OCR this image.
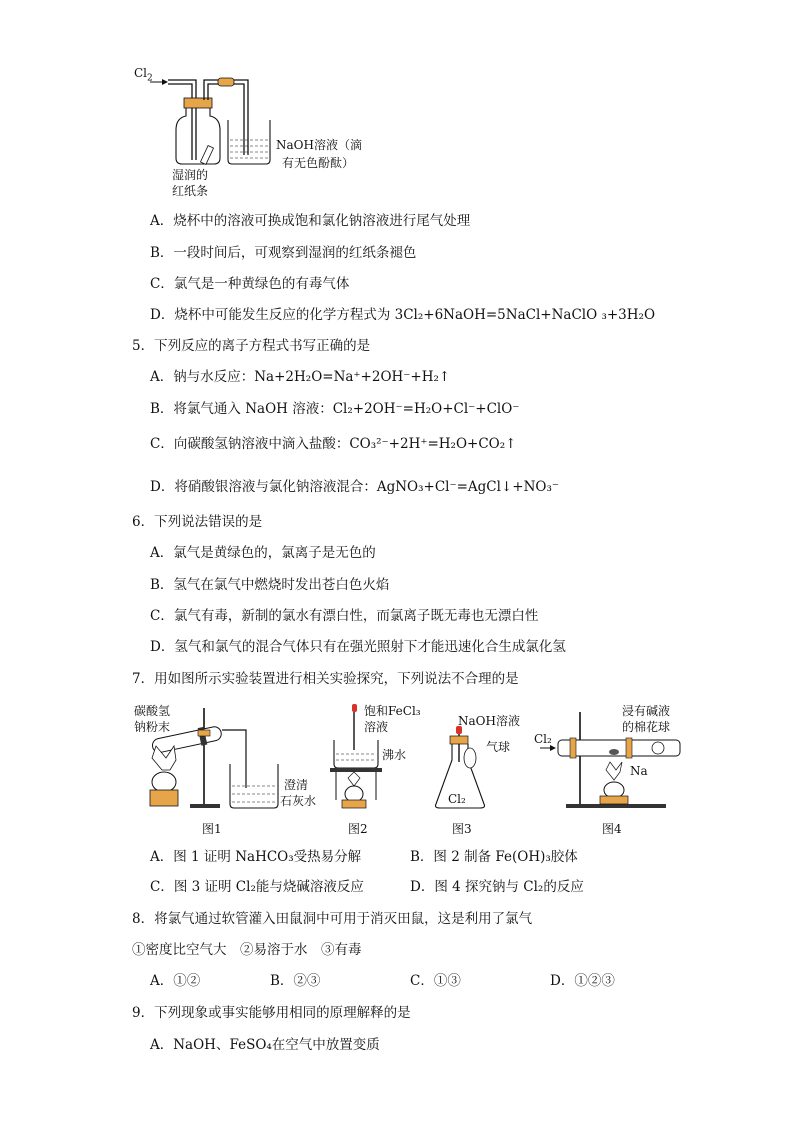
$Cl_2$
湿润的
红纸条
NaOH溶液（滴
有无色酚酞）
A．烧杯中的溶液可换成饱和氯化钠溶液进行尾气处理
B．一段时间后，可观察到湿润的红纸条褪色
C．氯气是一种黄绿色的有毒气体
D．烧杯中可能发生反应的化学方程式为 3Cl₂+6NaOH=5NaCl+NaClO ₃+3H₂O
5．下列反应的离子方程式书写正确的是
A．钠与水反应：Na+2H₂O=Na⁺+2OH⁻+H₂↑
B．将氯气通入 NaOH 溶液：Cl₂+2OH⁻=H₂O+Cl⁻+ClO⁻
C．向碳酸氢钠溶液中滴入盐酸：CO₃²⁻+2H⁺=H₂O+CO₂↑
D．将硝酸银溶液与氯化钠溶液混合：AgNO₃+Cl⁻=AgCl↓+NO₃⁻
6．下列说法错误的是
A．氯气是黄绿色的，氯离子是无色的
B．氢气在氯气中燃烧时发出苍白色火焰
C．氯气有毒，新制的氯水有漂白性，而氯离子既无毒也无漂白性
D．氢气和氯气的混合气体只有在强光照射下才能迅速化合生成氯化氢
7．用如图所示实验装置进行相关实验探究，下列说法不合理的是
碳酸氢
钠粉末
澄清
石灰水
图1
饱和FeCl₃
溶液
沸水
图2
NaOH溶液
气球
Cl₂
图3
浸有碱液
的棉花球
Cl₂
Na
图4
A．图 1 证明 NaHCO₃受热易分解	B．图 2 制备 Fe(OH)₃胶体
C．图 3 证明 Cl₂能与烧碱溶液反应	D．图 4 探究钠与 Cl₂的反应
8．将氯气通过软管灌入田鼠洞中可用于消灭田鼠，这是利用了氯气
①密度比空气大　②易溶于水　③有毒
A．①②	B．②③	C．①③	D．①②③
9．下列现象或事实能够用相同的原理解释的是
A．NaOH、FeSO₄在空气中放置变质
